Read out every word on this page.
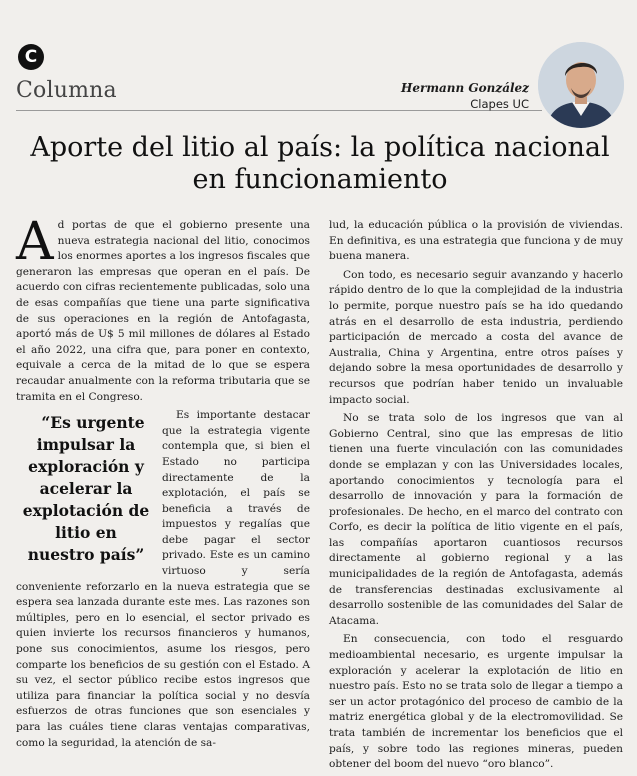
C
Columna	Hermann González
Clapes UC
Aporte del litio al país: la política nacional en funcionamiento

Ad portas de que el gobierno presente una nueva estrategia nacional del litio, conocimos los enormes aportes a los ingresos fiscales que generaron las empresas que operan en el país. De acuerdo con cifras recientemente publicadas, solo una de esas compañías que tiene una parte significativa de sus operaciones en la región de Antofagasta, aportó más de U$ 5 mil millones de dólares al Estado el año 2022, una cifra que, para poner en contexto, equivale a cerca de la mitad de lo que se espera recaudar anualmente con la reforma tributaria que se tramita en el Congreso.

“Es urgente impulsar la exploración y acelerar la explotación de litio en nuestro país”
Es importante destacar que la estrategia vigente contempla que, si bien el Estado no participa directamente de la explotación, el país se beneficia a través de impuestos y regalías que debe pagar el sector privado. Este es un camino virtuoso y sería conveniente reforzarlo en la nueva estrategia que se espera sea lanzada durante este mes. Las razones son múltiples, pero en lo esencial, el sector privado es quien invierte los recursos financieros y humanos, pone sus conocimientos, asume los riesgos, pero comparte los beneficios de su gestión con el Estado. A su vez, el sector público recibe estos ingresos que utiliza para financiar la política social y no desvía esfuerzos de otras funciones que son esenciales y para las cuáles tiene claras ventajas comparativas, como la seguridad, la atención de sa-

lud, la educación pública o la provisión de viviendas. En definitiva, es una estrategia que funciona y de muy buena manera.

Con todo, es necesario seguir avanzando y hacerlo rápido dentro de lo que la complejidad de la industria lo permite, porque nuestro país se ha ido quedando atrás en el desarrollo de esta industria, perdiendo participación de mercado a costa del avance de Australia, China y Argentina, entre otros países y dejando sobre la mesa oportunidades de desarrollo y recursos que podrían haber tenido un invaluable impacto social.

No se trata solo de los ingresos que van al Gobierno Central, sino que las empresas de litio tienen una fuerte vinculación con las comunidades donde se emplazan y con las Universidades locales, aportando conocimientos y tecnología para el desarrollo de innovación y para la formación de profesionales. De hecho, en el marco del contrato con Corfo, es decir la política de litio vigente en el país, las compañías aportaron cuantiosos recursos directamente al gobierno regional y a las municipalidades de la región de Antofagasta, además de transferencias destinadas exclusivamente al desarrollo sostenible de las comunidades del Salar de Atacama.

En consecuencia, con todo el resguardo medioambiental necesario, es urgente impulsar la exploración y acelerar la explotación de litio en nuestro país. Esto no se trata solo de llegar a tiempo a ser un actor protagónico del proceso de cambio de la matriz energética global y de la electromovilidad. Se trata también de incrementar los beneficios que el país, y sobre todo las regiones mineras, pueden obtener del boom del nuevo “oro blanco”.
